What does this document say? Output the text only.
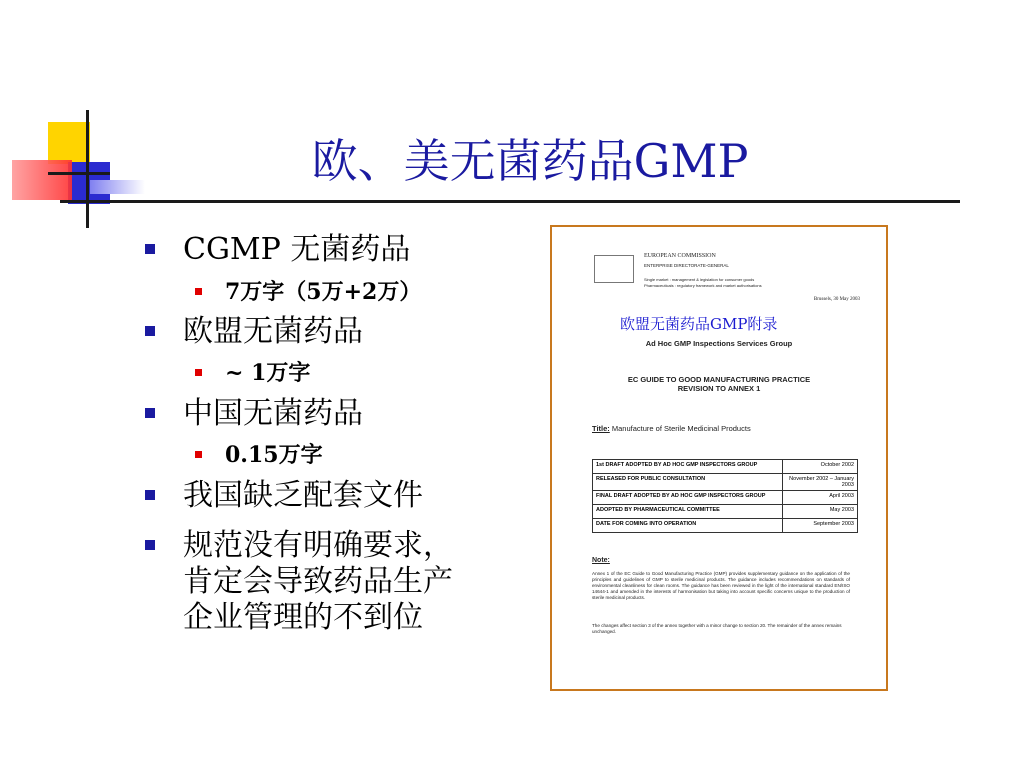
欧、美无菌药品GMP
CGMP 无菌药品
7万字（5万+2万）
欧盟无菌药品
~ 1万字
中国无菌药品
0.15万字
我国缺乏配套文件
规范没有明确要求，
肯定会导致药品生产
企业管理的不到位
EUROPEAN COMMISSION
ENTERPRISE DIRECTORATE-GENERAL
Single market : management & legislation for consumer goods
Pharmaceuticals : regulatory framework and market authorisations
Brussels, 30 May 2003
欧盟无菌药品GMP附录
Ad Hoc GMP Inspections Services Group
EC GUIDE TO GOOD MANUFACTURING PRACTICE
REVISION TO ANNEX 1
Title: Manufacture of Sterile Medicinal Products
1st DRAFT ADOPTED BY AD HOC GMP INSPECTORS GROUP	October 2002
RELEASED FOR PUBLIC CONSULTATION	November 2002 – January 2003
FINAL DRAFT ADOPTED BY AD HOC GMP INSPECTORS GROUP	April 2003
ADOPTED BY PHARMACEUTICAL COMMITTEE	May 2003
DATE FOR COMING INTO OPERATION	September 2003
Note:
Annex 1 of the EC Guide to Good Manufacturing Practice (GMP) provides supplementary guidance on the application of the principles and guidelines of GMP to sterile medicinal products. The guidance includes recommendations on standards of environmental cleanliness for clean rooms. The guidance has been reviewed in the light of the international standard EN/ISO 14644-1 and amended in the interests of harmonisation but taking into account specific concerns unique to the production of sterile medicinal products.
The changes affect section 3 of the annex together with a minor change to section 20. The remainder of the annex remains unchanged.
